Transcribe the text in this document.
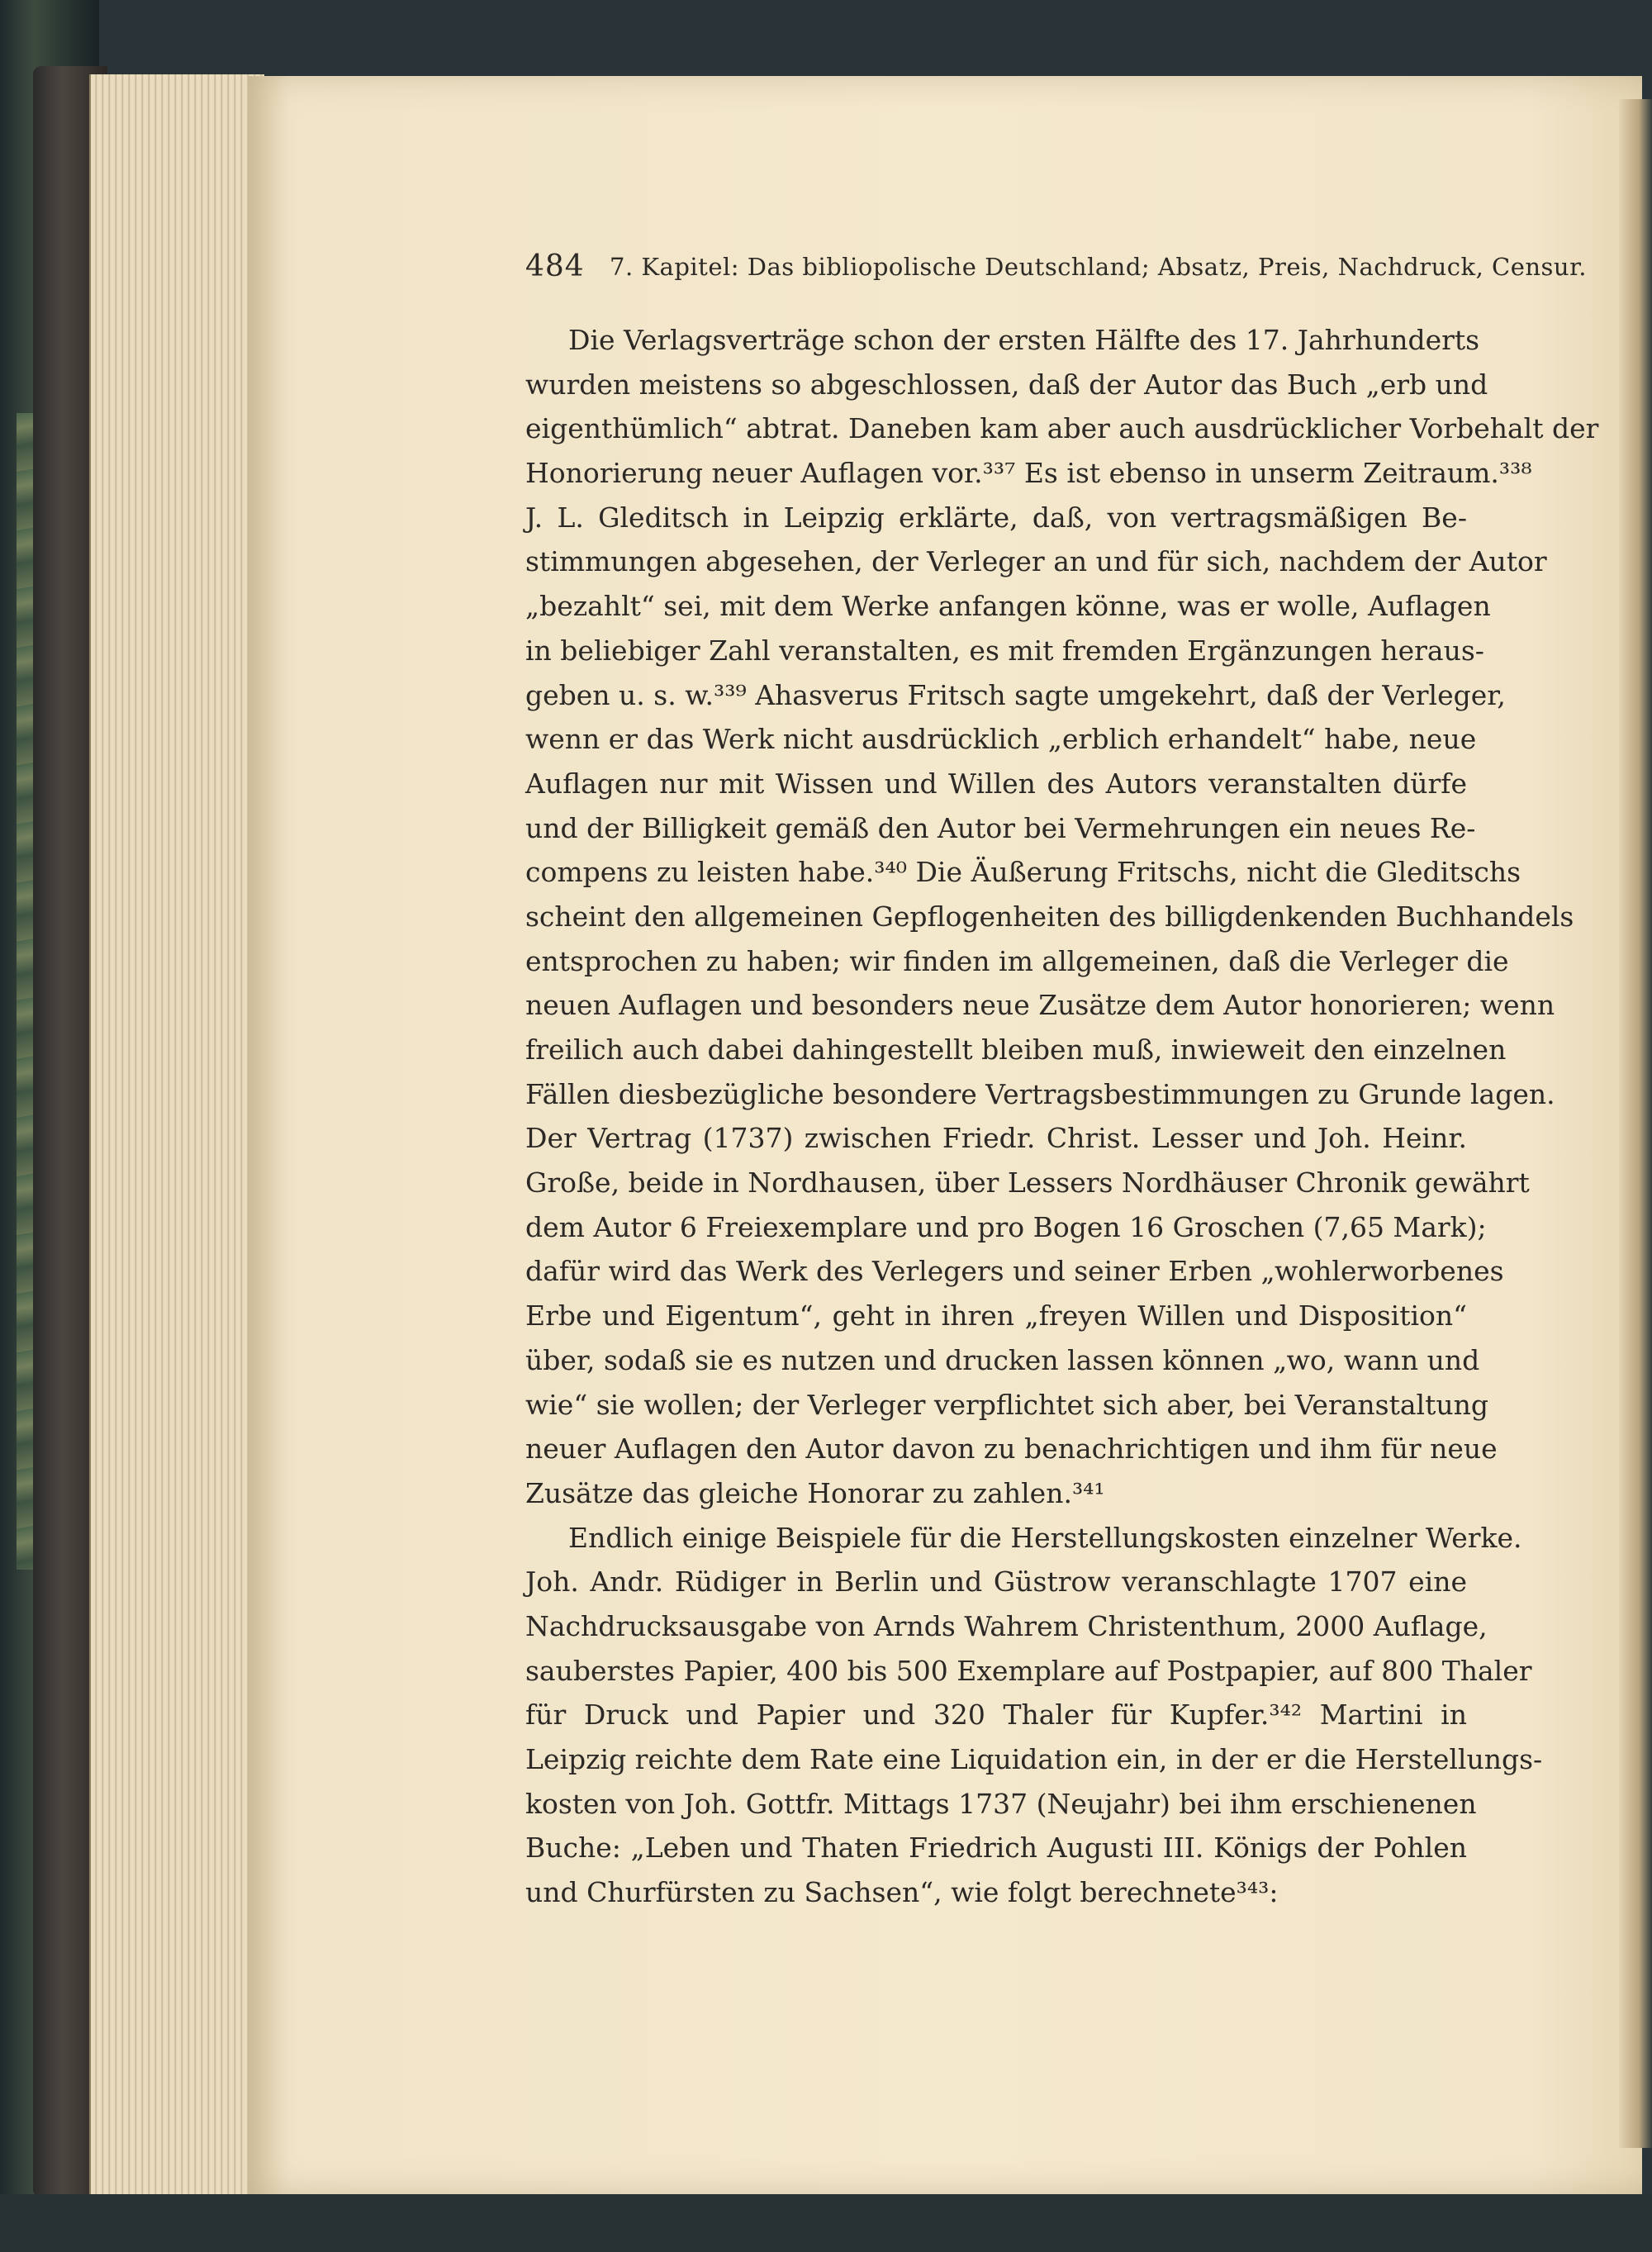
484 7. Kapitel: Das bibliopolische Deutschland; Absatz, Preis, Nachdruck, Censur.
Die Verlagsverträge schon der ersten Hälfte des 17. Jahrhunderts
wurden meistens so abgeschlossen, daß der Autor das Buch „erb und
eigenthümlich“ abtrat. Daneben kam aber auch ausdrücklicher Vorbehalt der
Honorierung neuer Auflagen vor.³³⁷ Es ist ebenso in unserm Zeitraum.³³⁸
J. L. Gleditsch in Leipzig erklärte, daß, von vertragsmäßigen Be-
stimmungen abgesehen, der Verleger an und für sich, nachdem der Autor
„bezahlt“ sei, mit dem Werke anfangen könne, was er wolle, Auflagen
in beliebiger Zahl veranstalten, es mit fremden Ergänzungen heraus-
geben u. s. w.³³⁹ Ahasverus Fritsch sagte umgekehrt, daß der Verleger,
wenn er das Werk nicht ausdrücklich „erblich erhandelt“ habe, neue
Auflagen nur mit Wissen und Willen des Autors veranstalten dürfe
und der Billigkeit gemäß den Autor bei Vermehrungen ein neues Re-
compens zu leisten habe.³⁴⁰ Die Äußerung Fritschs, nicht die Gleditschs
scheint den allgemeinen Gepflogenheiten des billigdenkenden Buchhandels
entsprochen zu haben; wir finden im allgemeinen, daß die Verleger die
neuen Auflagen und besonders neue Zusätze dem Autor honorieren; wenn
freilich auch dabei dahingestellt bleiben muß, inwieweit den einzelnen
Fällen diesbezügliche besondere Vertragsbestimmungen zu Grunde lagen.
Der Vertrag (1737) zwischen Friedr. Christ. Lesser und Joh. Heinr.
Große, beide in Nordhausen, über Lessers Nordhäuser Chronik gewährt
dem Autor 6 Freiexemplare und pro Bogen 16 Groschen (7,65 Mark);
dafür wird das Werk des Verlegers und seiner Erben „wohlerworbenes
Erbe und Eigentum“, geht in ihren „freyen Willen und Disposition“
über, sodaß sie es nutzen und drucken lassen können „wo, wann und
wie“ sie wollen; der Verleger verpflichtet sich aber, bei Veranstaltung
neuer Auflagen den Autor davon zu benachrichtigen und ihm für neue
Zusätze das gleiche Honorar zu zahlen.³⁴¹
Endlich einige Beispiele für die Herstellungskosten einzelner Werke.
Joh. Andr. Rüdiger in Berlin und Güstrow veranschlagte 1707 eine
Nachdrucksausgabe von Arnds Wahrem Christenthum, 2000 Auflage,
sauberstes Papier, 400 bis 500 Exemplare auf Postpapier, auf 800 Thaler
für Druck und Papier und 320 Thaler für Kupfer.³⁴² Martini in
Leipzig reichte dem Rate eine Liquidation ein, in der er die Herstellungs-
kosten von Joh. Gottfr. Mittags 1737 (Neujahr) bei ihm erschienenen
Buche: „Leben und Thaten Friedrich Augusti III. Königs der Pohlen
und Churfürsten zu Sachsen“, wie folgt berechnete³⁴³:
